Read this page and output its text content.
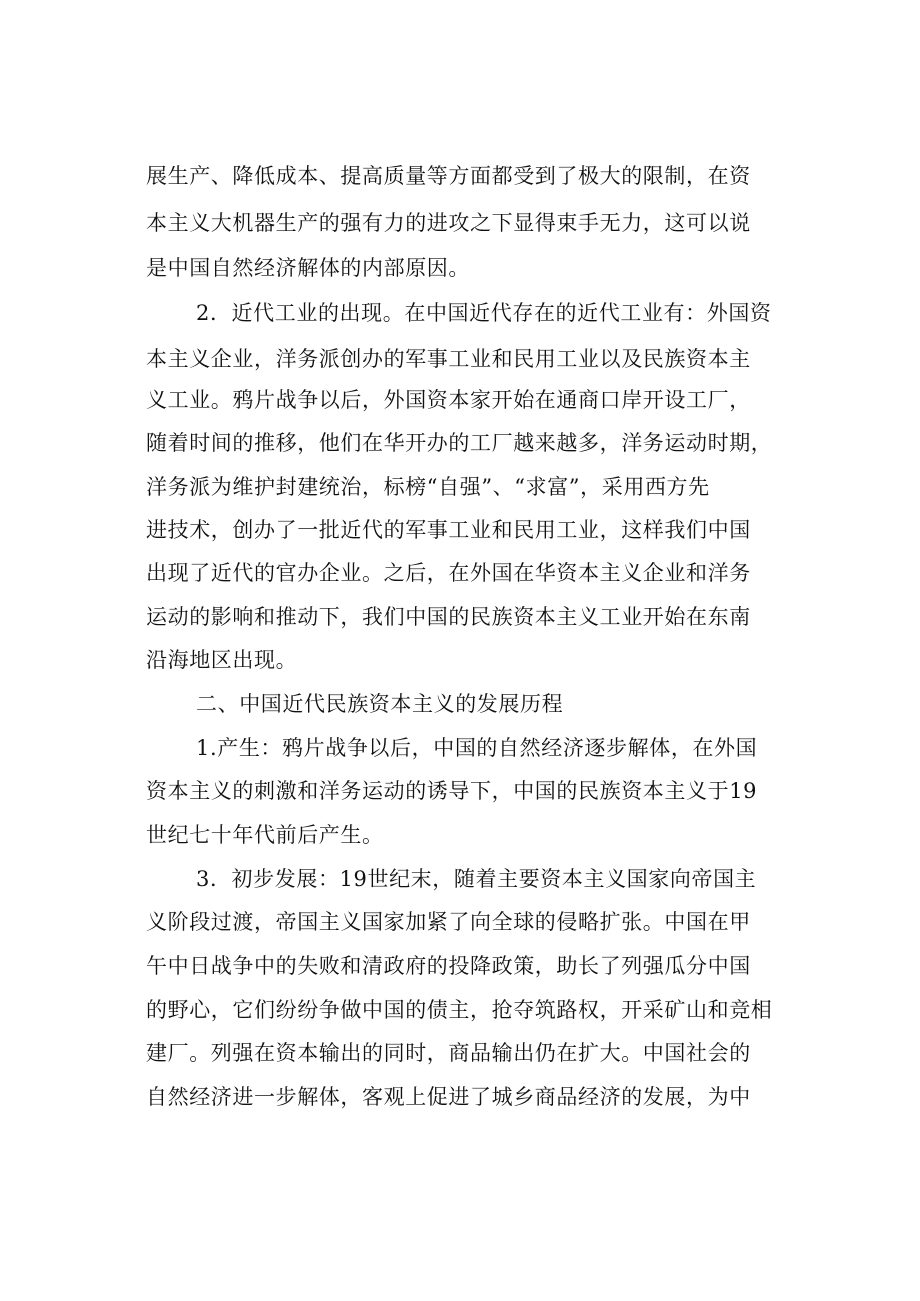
展生产、降低成本、提高质量等方面都受到了极大的限制，在资
本主义大机器生产的强有力的进攻之下显得束手无力，这可以说
是中国自然经济解体的内部原因。
2．近代工业的出现。在中国近代存在的近代工业有：外国资
本主义企业，洋务派创办的军事工业和民用工业以及民族资本主
义工业。鸦片战争以后，外国资本家开始在通商口岸开设工厂，
随着时间的推移，他们在华开办的工厂越来越多，洋务运动时期，
洋务派为维护封建统治，标榜“自强”、“求富”，采用西方先
进技术，创办了一批近代的军事工业和民用工业，这样我们中国
出现了近代的官办企业。之后，在外国在华资本主义企业和洋务
运动的影响和推动下，我们中国的民族资本主义工业开始在东南
沿海地区出现。
二、中国近代民族资本主义的发展历程
1.产生：鸦片战争以后，中国的自然经济逐步解体，在外国
资本主义的刺激和洋务运动的诱导下，中国的民族资本主义于19
世纪七十年代前后产生。
3．初步发展：19世纪末，随着主要资本主义国家向帝国主
义阶段过渡，帝国主义国家加紧了向全球的侵略扩张。中国在甲
午中日战争中的失败和清政府的投降政策，助长了列强瓜分中国
的野心，它们纷纷争做中国的债主，抢夺筑路权，开采矿山和竞相
建厂。列强在资本输出的同时，商品输出仍在扩大。中国社会的
自然经济进一步解体，客观上促进了城乡商品经济的发展，为中
